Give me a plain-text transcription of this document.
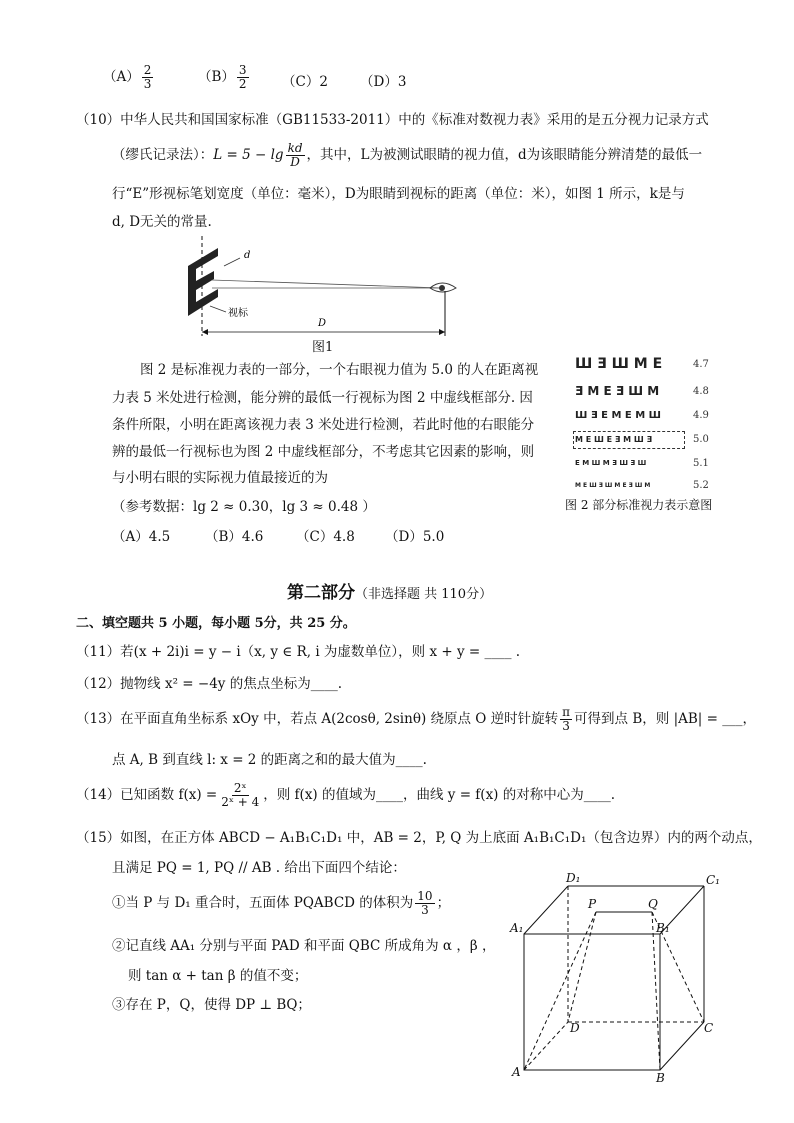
$(A) \frac{2}{3}$	$(B) \frac{3}{2} (C)2$ （D）3
（10）中华人民共和国国家标准（GB11533-2011）中的《标准对数视力表》采用的是五分视力记录方式
（缪氏记录法）：$L = 5 - \lg \frac{kd}{D}$ ，其中，L为被测试眼睛的视力值，d为该眼睛能分辨清楚的最低一
行“E”形视标笔划宽度（单位：毫米），D为眼睛到视标的距离（单位：米），如图 1 所示，k是与
d, D无关的常量.
d
视标
D
图1
图 2 是标准视力表的一部分，一个右眼视力值为 5.0 的人在距离视
力表 5 米处进行检测，能分辨的最低一行视标为图 2 中虚线框部分. 因
条件所限，小明在距离该视力表 3 米处进行检测，若此时他的右眼能分
辨的最低一行视标也为图 2 中虚线框部分，不考虑其它因素的影响，则
与小明右眼的实际视力值最接近的为
（参考数据：lg 2 ≈ 0.30，lg 3 ≈ 0.48 ）
Ш Ǝ Ш M E	4.7
Ǝ M E Ǝ Ш M	4.8
Ш Ǝ E M E M Ш	4.9
M E Ш E Ǝ M Ш Ǝ	5.0
E M Ш M Ǝ Ш Ǝ Ш	5.1
M E Ш Ǝ Ш M E Ǝ Ш M	5.2
图 2 部分标准视力表示意图
（A）4.5	（B）4.6 （C）4.8 （D）5.0
第二部分（非选择题 共 110分）
二、填空题共 5 小题，每小题 5分，共 25 分。
（11）若(x + 2i)i = y − i（x, y ∈ R, i 为虚数单位），则 x + y = ____ .
（12）抛物线 x² = −4y 的焦点坐标为____.
（13）在平面直角坐标系 xOy 中，若点 A(2cosθ, 2sinθ) 绕原点 O 逆时针旋转 $\frac{\pi}{3}$ 可得到点 B，则 |AB| = ___，
点 A, B 到直线 l: x = 2 的距离之和的最大值为____.
（14）已知函数 $f(x) = \frac{\text{2ˣ}}{\text{2ˣ + 4}}$ ，则 f(x) 的值域为____，曲线 y = f(x) 的对称中心为____.
（15）如图，在正方体 ABCD − A₁B₁C₁D₁ 中，AB = 2，P, Q 为上底面 A₁B₁C₁D₁（包含边界）内的两个动点，
且满足 PQ = 1, PQ // AB . 给出下面四个结论：
①当 P 与 D₁ 重合时，五面体 PQABCD 的体积为 $\frac{10}{3}$ ；
②记直线 AA₁ 分别与平面 PAD 和平面 QBC 所成角为 α ，β ，
则 tan α + tan β 的值不变；
③存在 P，Q，使得 DP ⊥ BQ；
D₁	C₁
P	Q
A₁	B₁
D	C
A	B
